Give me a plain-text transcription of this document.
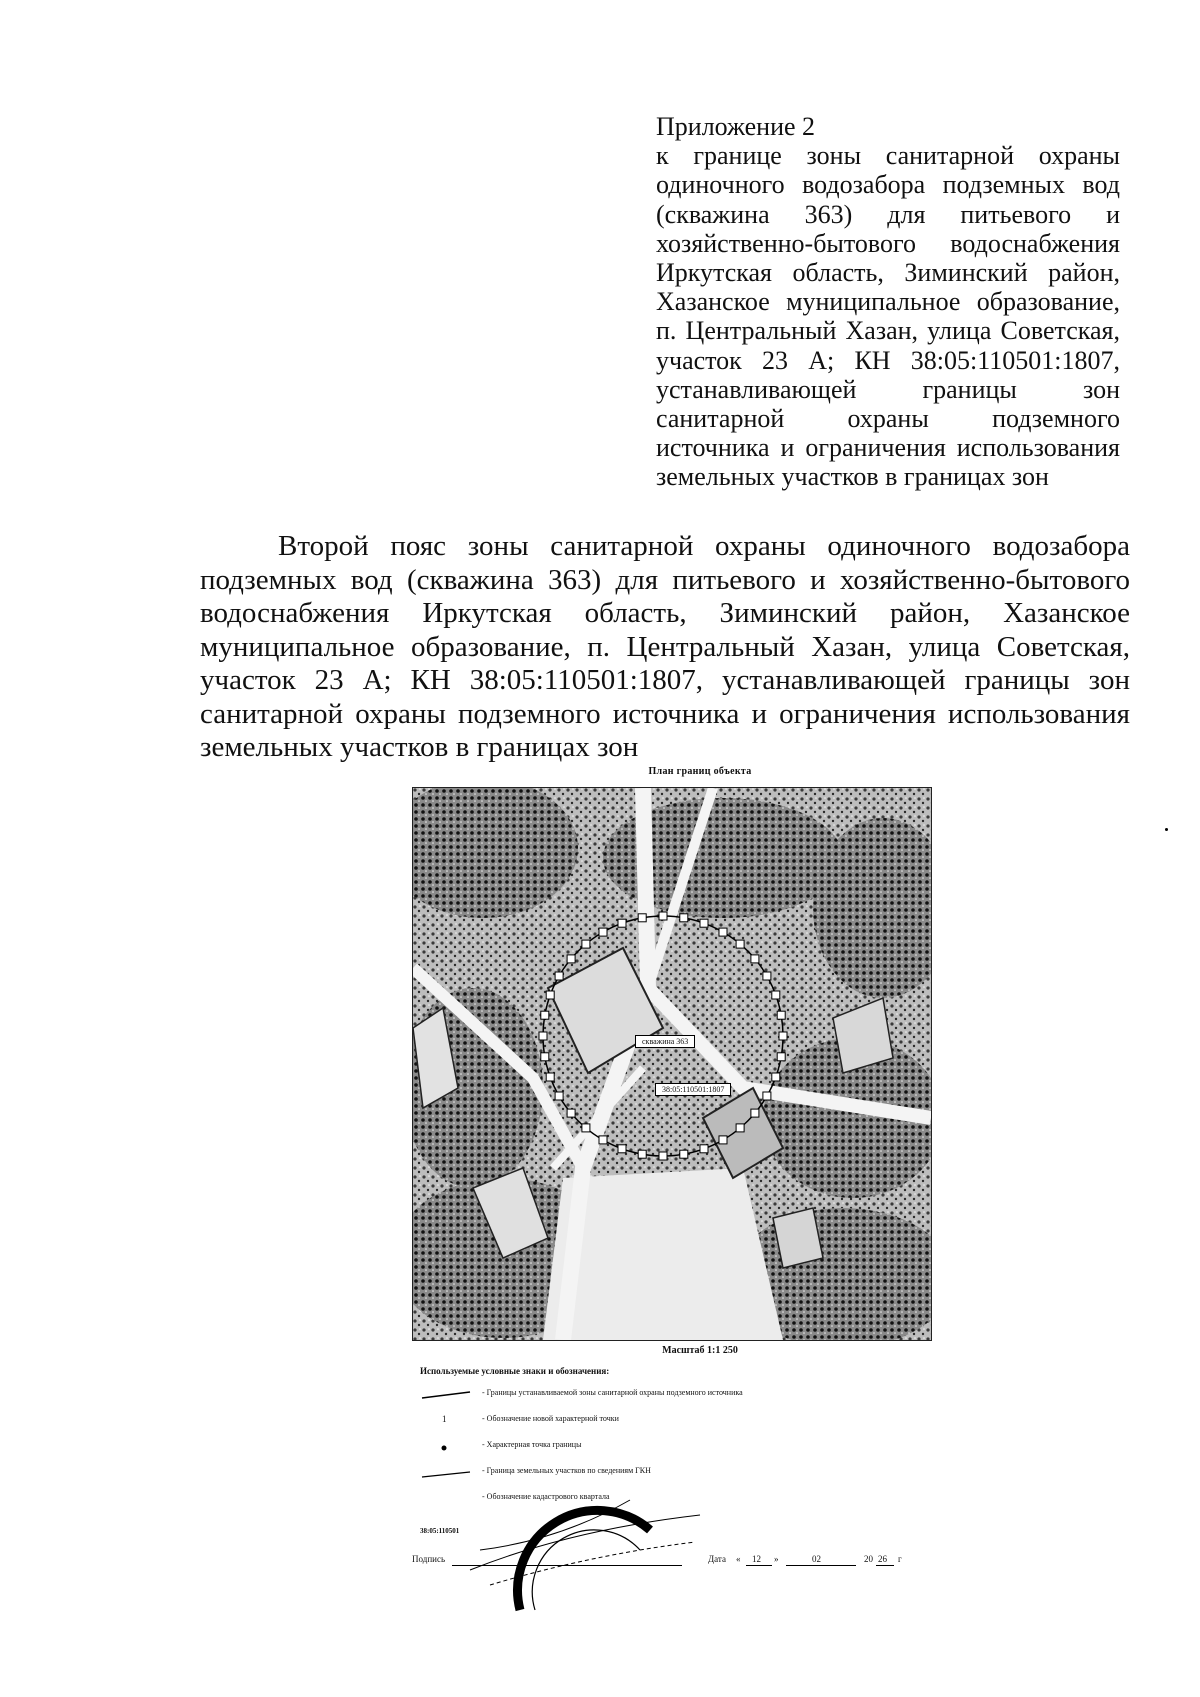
Приложение 2
к границе зоны санитарной охраны одиночного водозабора подземных вод (скважина 363) для питьевого и хозяйственно-бытового водоснабжения Иркутская область, Зиминский район, Хазанское муниципальное образование, п. Центральный Хазан, улица Советская, участок 23 А; КН 38:05:110501:1807, устанавливающей границы зон санитарной охраны подземного источника и ограничения использования земельных участков в границах зон
Второй пояс зоны санитарной охраны одиночного водозабора подземных вод (скважина 363) для питьевого и хозяйственно-бытового водоснабжения Иркутская область, Зиминский район, Хазанское муниципальное образование, п. Центральный Хазан, улица Советская, участок 23 А; КН 38:05:110501:1807, устанавливающей границы зон санитарной охраны подземного источника и ограничения использования земельных участков в границах зон
План границ объекта
скважина 363
38:05:110501:1807
Масштаб 1:1 250
Используемые условные знаки и обозначения:
- Границы устанавливаемой зоны санитарной охраны подземного источника
1	- Обозначение новой характерной точки
- Характерная точка границы
- Граница земельных участков по сведениям ГКН
- Обозначение кадастрового квартала
38:05:110501
Подпись	Дата « 12 »	02	20 26 г
